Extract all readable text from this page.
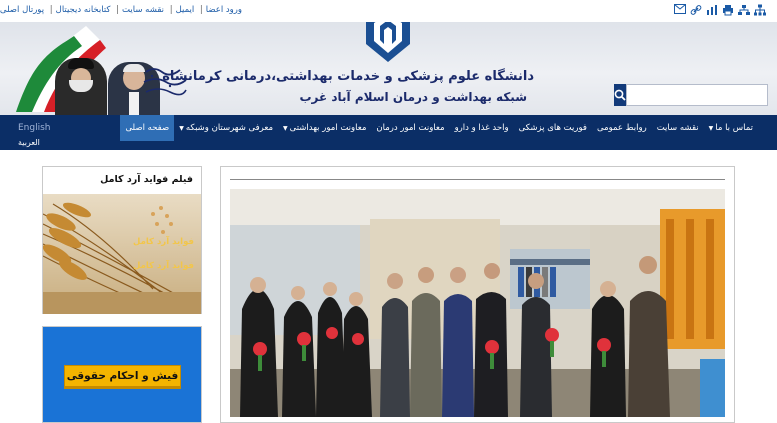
ورود اعضا| ایمیل| نقشه سایت| کتابخانه دیجیتال| پورتال اصلی
دانشگاه علوم پزشکی و خدمات بهداشتی،درمانی کرمانشاه
شبکه بهداشت و درمان اسلام آباد غرب
صفحه اصلی	معرفی شهرستان وشبکه▼	معاونت امور بهداشتی▼	معاونت امور درمان	واحد غذا و دارو	فوریت های پزشکی	روابط عمومی	نقشه سایت	تماس با ما▼
English
العربية
فیلم فواید آرد کامل
فواید آرد کامل
فواید آرد کامل
فیش و احکام حقوقی
